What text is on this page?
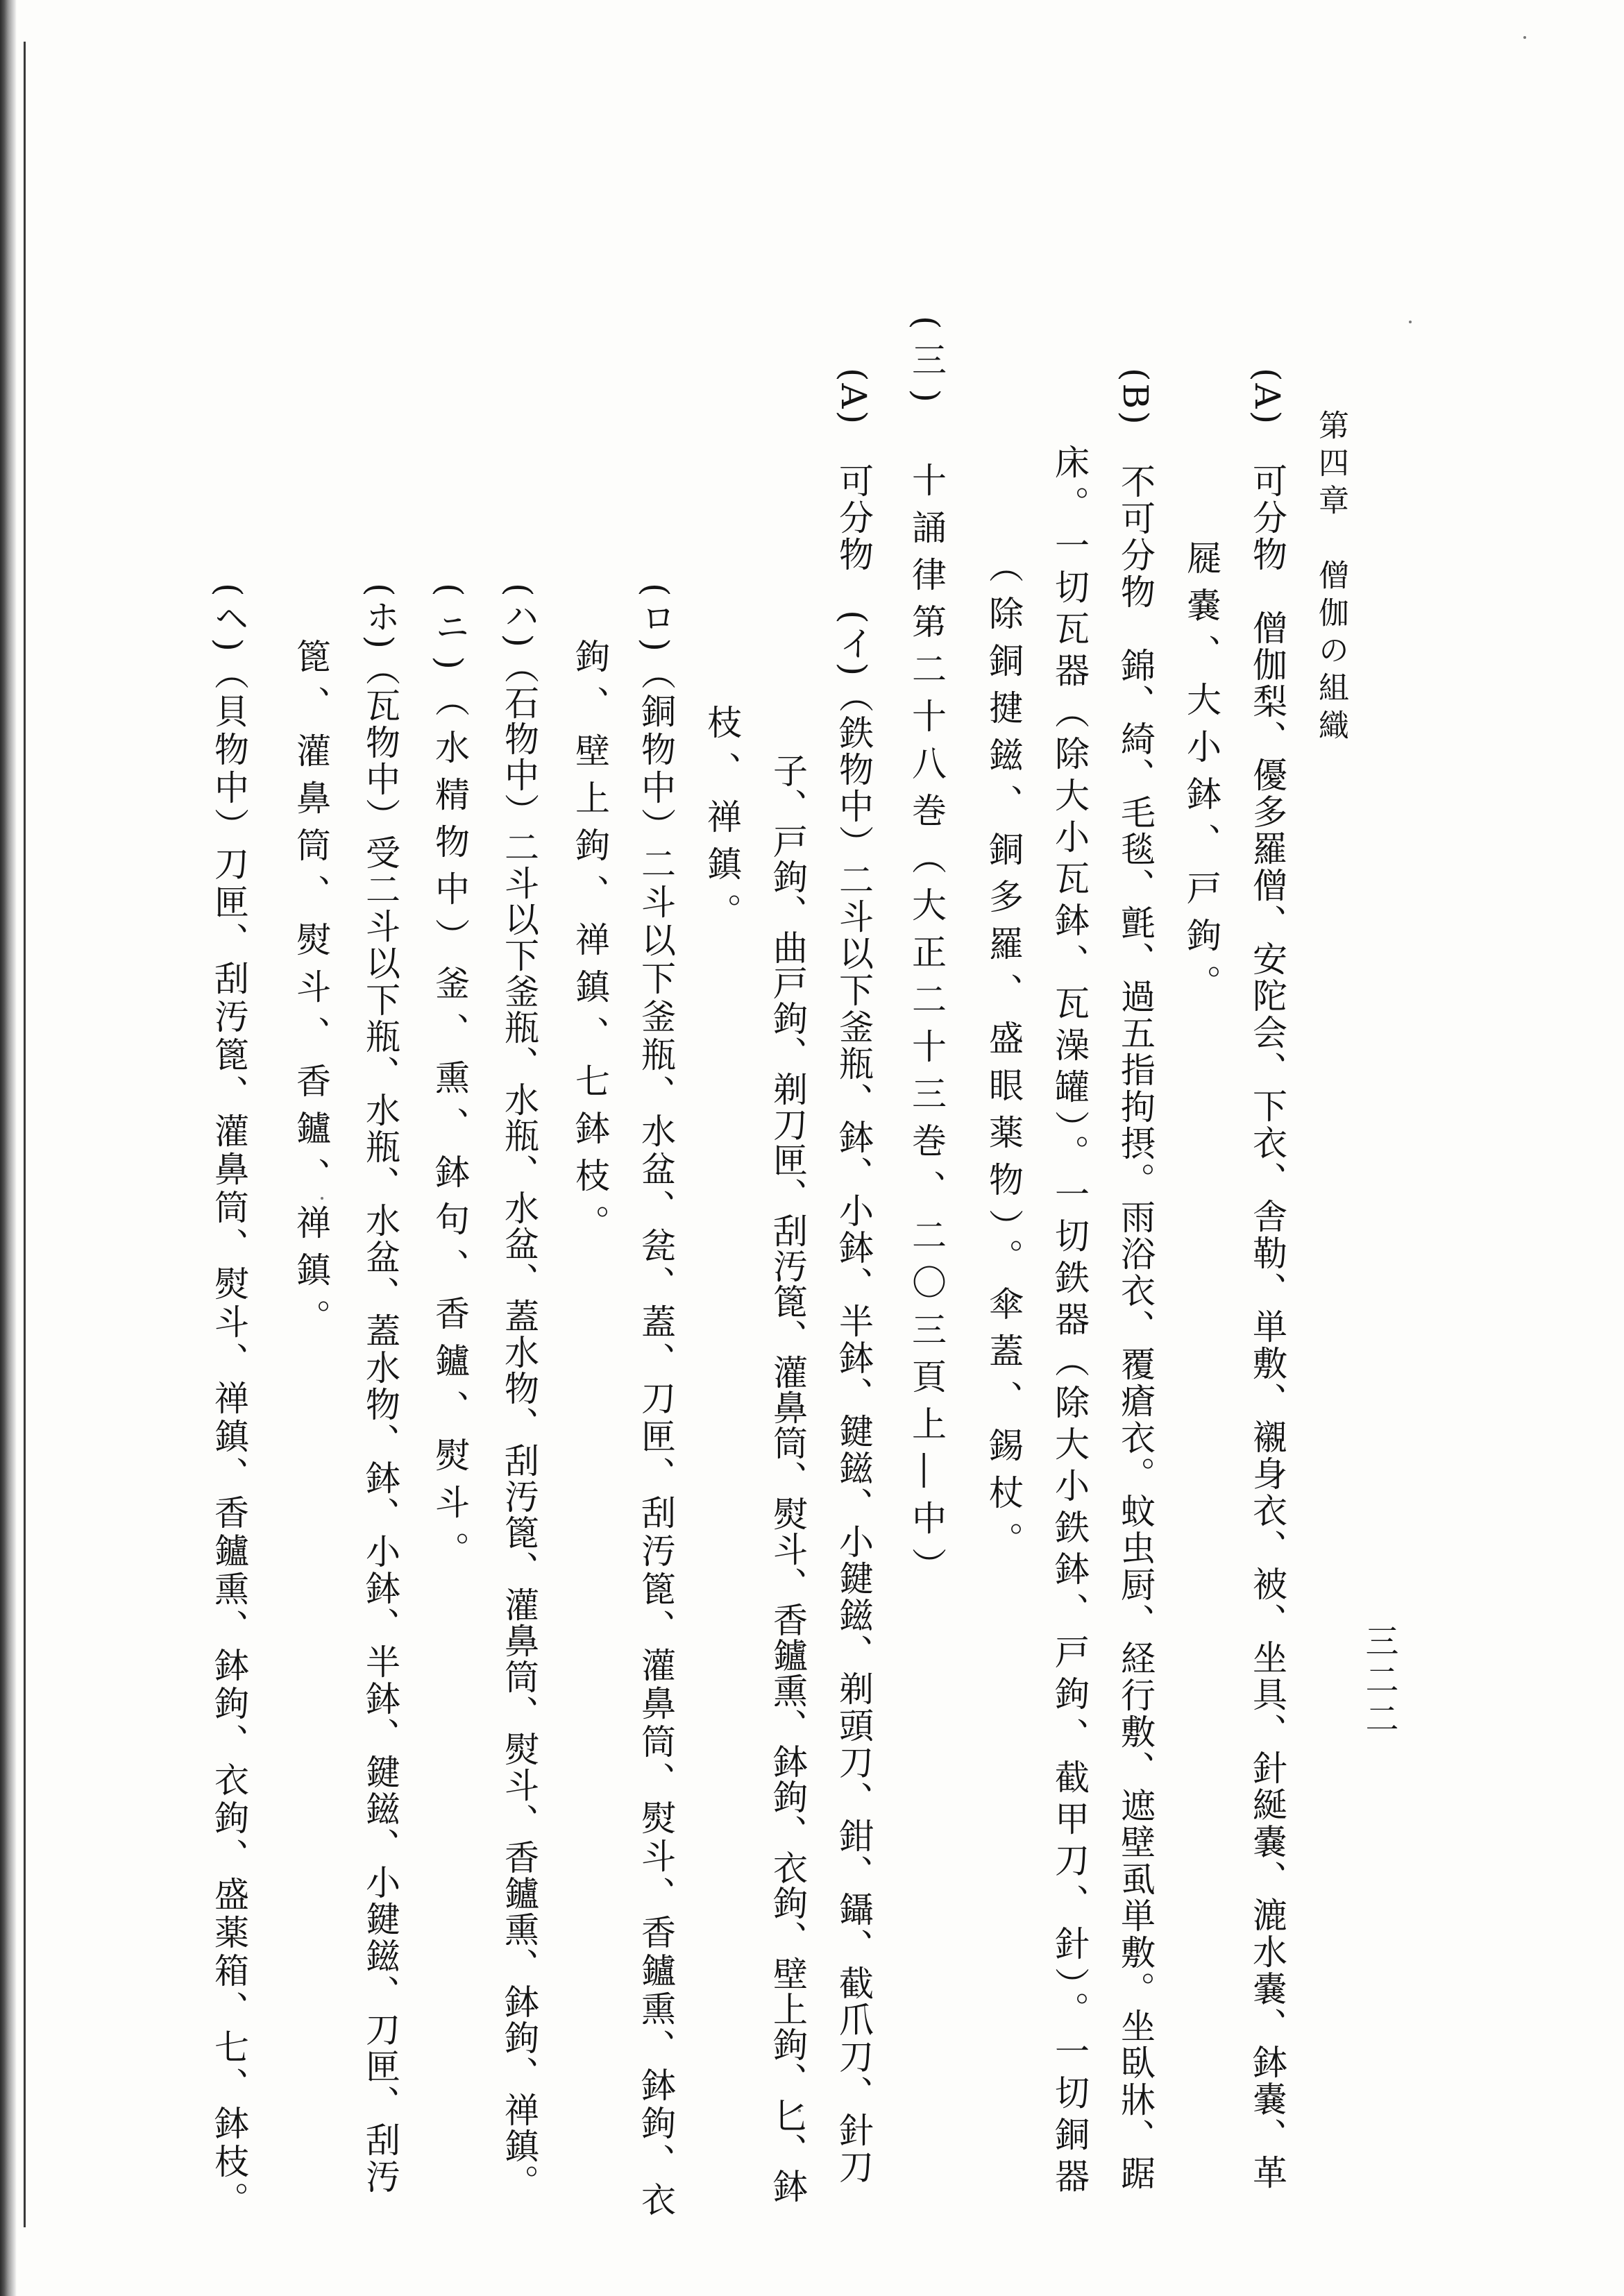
第四章　僧伽の組織
三二二
(A)　可分物　僧伽梨、優多羅僧、安陀会、下衣、舎勒、単敷、襯身衣、被、坐具、針綖嚢、漉水嚢、鉢嚢、革
屣嚢、大小鉢、戸鉤。
(B)　不可分物　錦、綺、毛毯、氈、過五指拘摂。雨浴衣、覆瘡衣。蚊虫厨、経行敷、遮壁虱単敷。坐臥牀、踞
床。一切瓦器（除大小瓦鉢、瓦澡罐）。一切鉄器（除大小鉄鉢、戸鉤、截甲刀、針）。一切銅器
（除銅揵鎡、銅多羅、盛眼薬物）。傘蓋、錫杖。
(三)　十誦律第二十八巻（大正二十三巻、二〇三頁上―中）
(A)　可分物　(イ)（鉄物中）二斗以下釜瓶、鉢、小鉢、半鉢、鍵鎡、小鍵鎡、剃頭刀、鉗、鑷、截爪刀、針刀
子、戸鉤、曲戸鉤、剃刀匣、刮汚篦、灌鼻筒、熨斗、香鑪熏、鉢鉤、衣鉤、壁上鉤、匕、鉢
枝、禅鎮。
(ロ)（銅物中）二斗以下釜瓶、水盆、瓫、蓋、刀匣、刮汚篦、灌鼻筒、熨斗、香鑪熏、鉢鉤、衣
鉤、壁上鉤、禅鎮、七鉢枝。
(ハ)（石物中）二斗以下釜瓶、水瓶、水盆、蓋水物、刮汚篦、灌鼻筒、熨斗、香鑪熏、鉢鉤、禅鎮。
(ニ)（水精物中）釜、熏、鉢句、香鑪、熨斗。
(ホ)（瓦物中）受二斗以下瓶、水瓶、水盆、蓋水物、鉢、小鉢、半鉢、鍵鎡、小鍵鎡、刀匣、刮汚
篦、灌鼻筒、熨斗、香鑪、禅鎮。
(ヘ)（貝物中）刀匣、刮汚篦、灌鼻筒、熨斗、禅鎮、香鑪熏、鉢鉤、衣鉤、盛薬箱、七、鉢枝。
